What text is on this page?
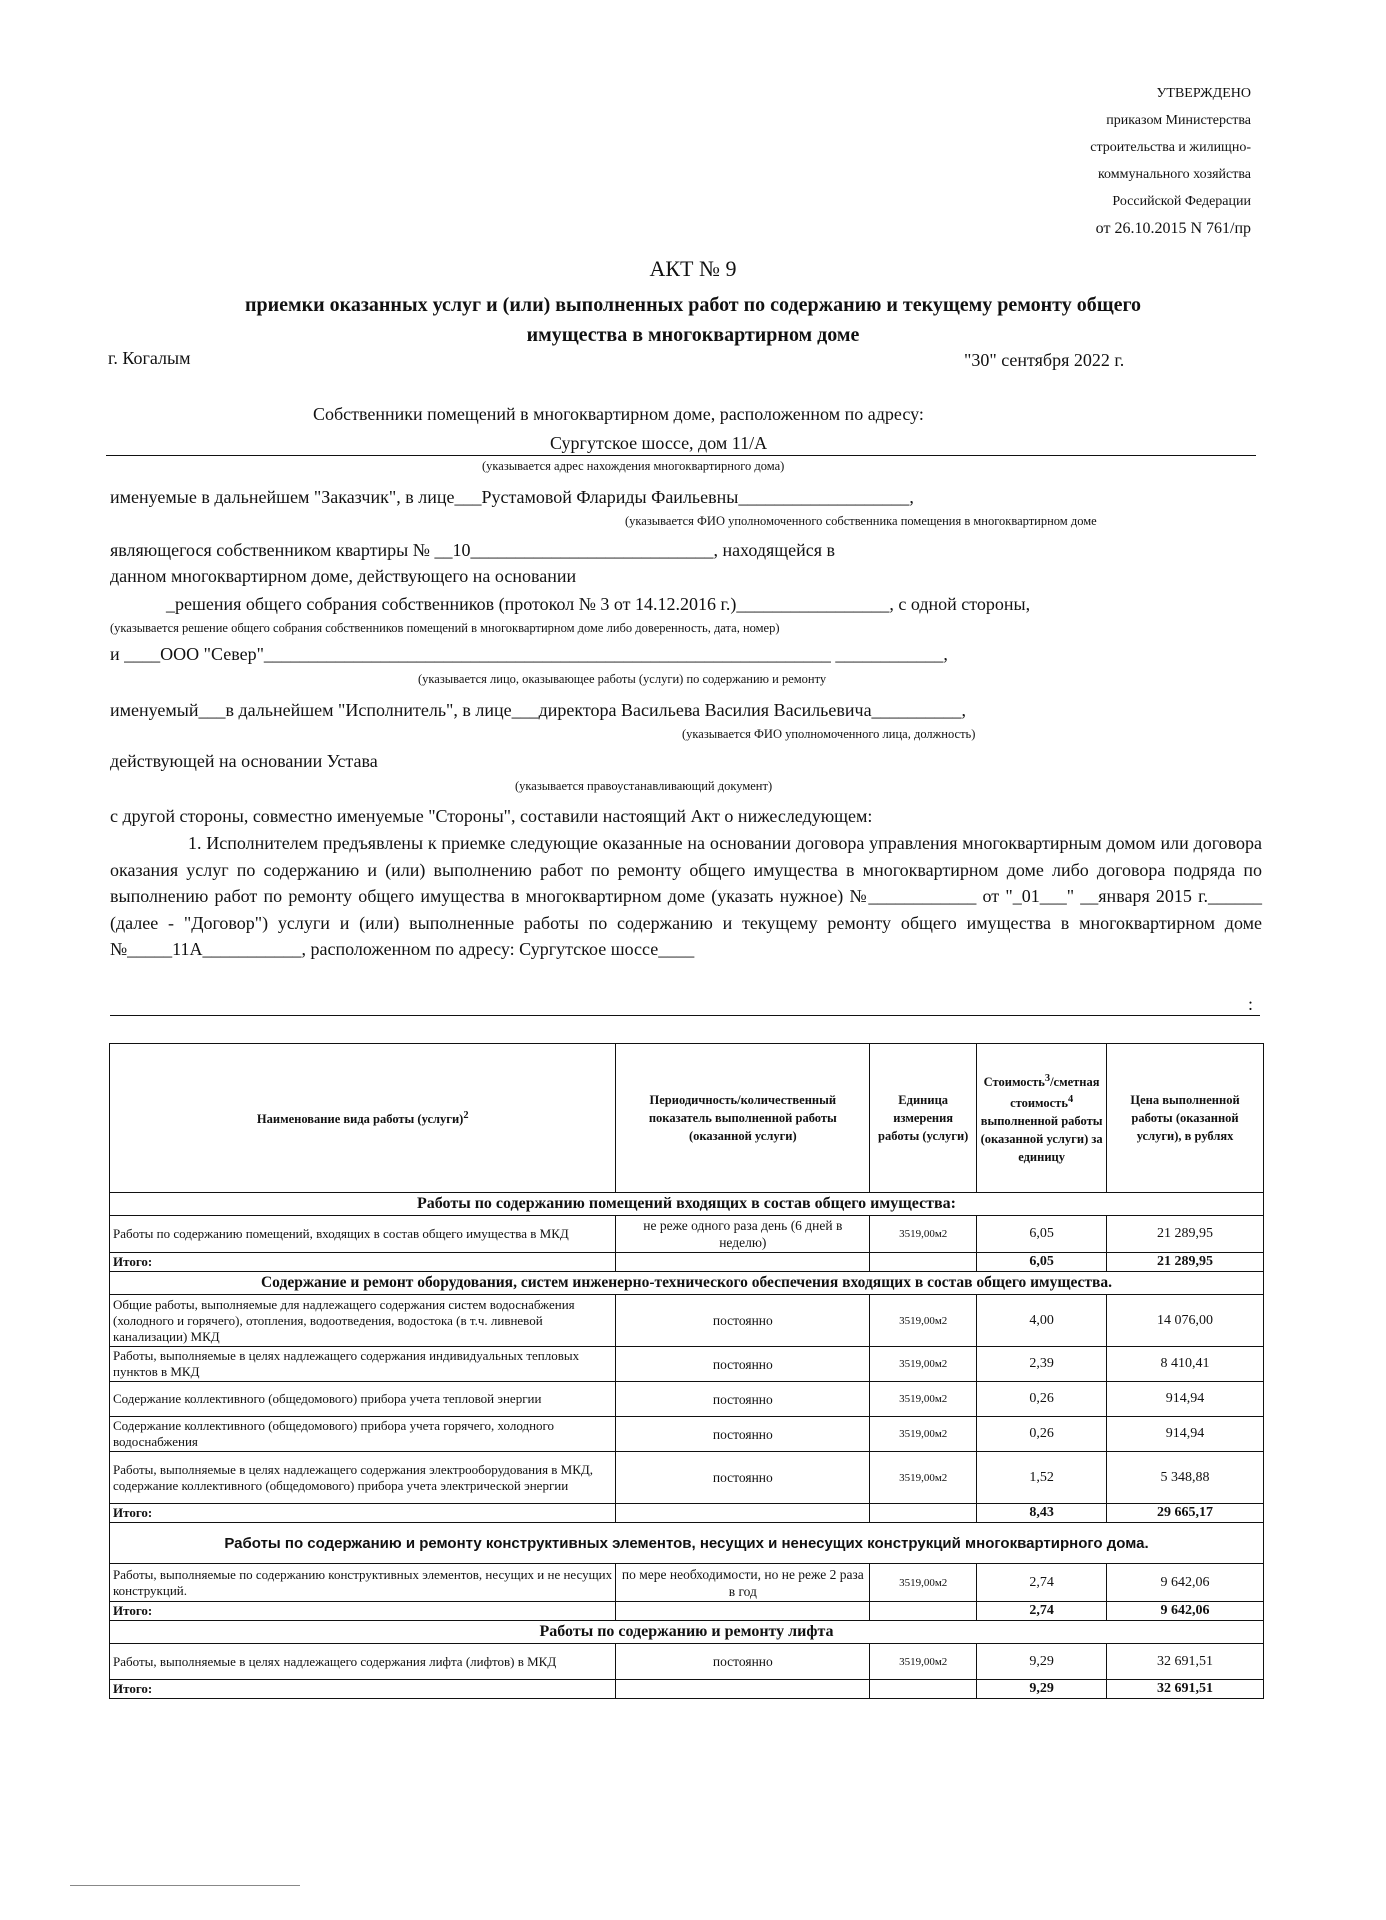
УТВЕРЖДЕНО
приказом Министерства
строительства и жилищно-
коммунального хозяйства
Российской Федерации
от 26.10.2015 N 761/пр
АКТ № 9
приемки оказанных услуг и (или) выполненных работ по содержанию и текущему ремонту общего
имущества в многоквартирном доме
г. Когалым	"30" сентября 2022 г.
Собственники помещений в многоквартирном доме, расположенном по адресу:
Сургутское шоссе, дом 11/А
(указывается адрес нахождения многоквартирного дома)
именуемые в дальнейшем "Заказчик", в лице___Рустамовой Флариды Фаильевны___________________,
(указывается ФИО уполномоченного собственника помещения в многоквартирном доме
являющегося собственником квартиры № __10___________________________, находящейся в
данном многоквартирном доме, действующего на основании
_решения общего собрания собственников (протокол № 3 от 14.12.2016 г.)_________________, с одной стороны,
(указывается решение общего собрания собственников помещений в многоквартирном доме либо доверенность, дата, номер)
и ____ООО "Север"_______________________________________________________________ ____________,
(указывается лицо, оказывающее работы (услуги) по содержанию и ремонту
именуемый___в дальнейшем "Исполнитель", в лице___директора Васильева Василия Васильевича__________,
(указывается ФИО уполномоченного лица, должность)
действующей на основании Устава
(указывается правоустанавливающий документ)
с другой стороны, совместно именуемые "Стороны", составили настоящий Акт о нижеследующем:
1. Исполнителем предъявлены к приемке следующие оказанные на основании договора управления многоквартирным домом или договора оказания услуг по содержанию и (или) выполнению работ по ремонту общего имущества в многоквартирном доме либо договора подряда по выполнению работ по ремонту общего имущества в многоквартирном доме (указать нужное) №____________ от "_01___" __января 2015 г.______ (далее - "Договор") услуги и (или) выполненные работы по содержанию и текущему ремонту общего имущества в многоквартирном доме №_____11А___________, расположенном по адресу: Сургутское шоссе____
:
Наименование вида работы (услуги)$^2$	Периодичность/количественный показатель выполненной работы (оказанной услуги)	Единица измерения работы (услуги)	Стоимость$^3$/сметная стоимость$^4$ выполненной работы (оказанной услуги) за единицу	Цена выполненной работы (оказанной услуги), в рублях
Работы по содержанию помещений входящих в состав общего имущества:				
Работы по содержанию помещений, входящих в состав общего имущества в МКД	не реже одного раза день (6 дней в неделю)	3519,00м2	6,05	21 289,95
Итого:			6,05	21 289,95
Содержание и ремонт оборудования, систем инженерно-технического обеспечения входящих в состав общего имущества.				
Общие работы, выполняемые для надлежащего содержания систем водоснабжения (холодного и горячего), отопления, водоотведения, водостока (в т.ч. ливневой канализации) МКД	постоянно	3519,00м2	4,00	14 076,00
Работы, выполняемые в целях надлежащего содержания индивидуальных тепловых пунктов в МКД	постоянно	3519,00м2	2,39	8 410,41
Содержание коллективного (общедомового) прибора учета тепловой энергии	постоянно	3519,00м2	0,26	914,94
Содержание коллективного (общедомового) прибора учета горячего, холодного водоснабжения	постоянно	3519,00м2	0,26	914,94
Работы, выполняемые в целях надлежащего содержания электрооборудования в МКД, содержание коллективного (общедомового) прибора учета электрической энергии	постоянно	3519,00м2	1,52	5 348,88
Итого:			8,43	29 665,17
Работы по содержанию и ремонту конструктивных элементов, несущих и ненесущих конструкций многоквартирного дома.				
Работы, выполняемые по содержанию конструктивных элементов, несущих и не несущих конструкций.	по мере необходимости, но не реже 2 раза в год	3519,00м2	2,74	9 642,06
Итого:			2,74	9 642,06
Работы по содержанию и ремонту лифта				
Работы, выполняемые в целях надлежащего содержания лифта (лифтов) в МКД	постоянно	3519,00м2	9,29	32 691,51
Итого:			9,29	32 691,51
